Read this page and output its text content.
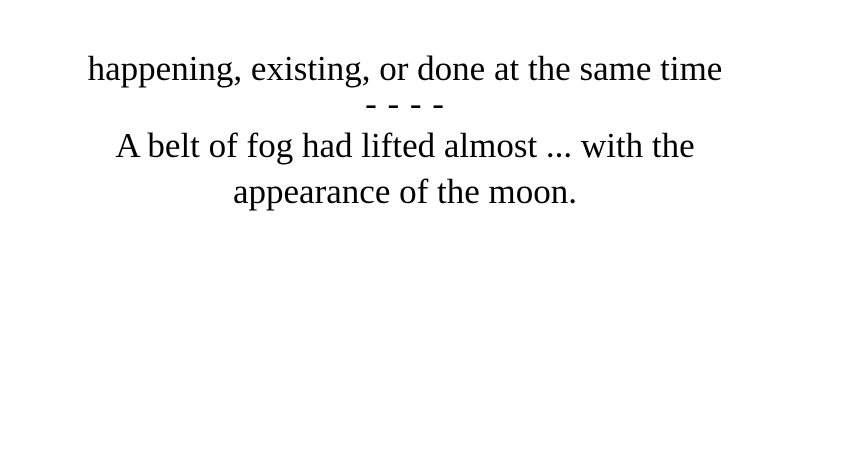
happening, existing, or done at the same time

- - - -

A belt of fog had lifted almost ... with the appearance of the moon.
